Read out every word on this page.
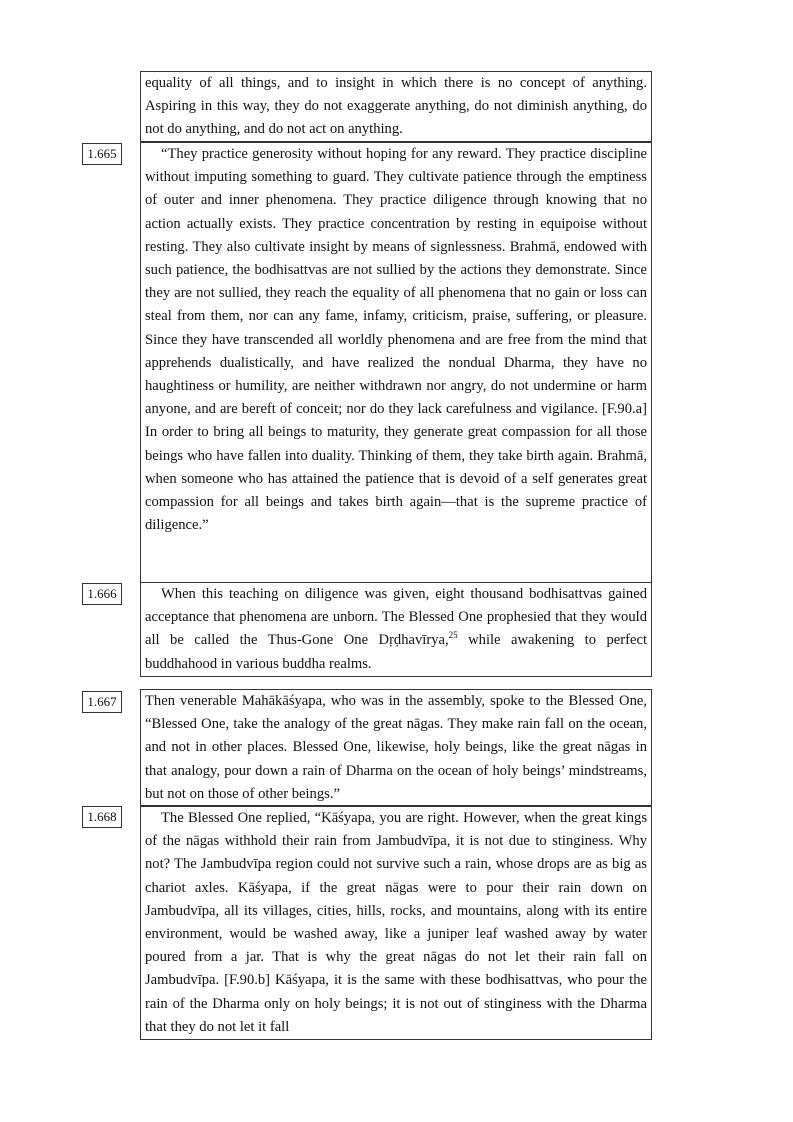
equality of all things, and to insight in which there is no concept of anything. Aspiring in this way, they do not exaggerate anything, do not diminish anything, do not do anything, and do not act on anything.

1.665	“They practice generosity without hoping for any reward. They practice discipline without imputing something to guard. They cultivate patience through the emptiness of outer and inner phenomena. They practice diligence through knowing that no action actually exists. They practice concentration by resting in equipoise without resting. They also cultivate insight by means of signlessness. Brahmā, endowed with such patience, the bodhisattvas are not sullied by the actions they demonstrate. Since they are not sullied, they reach the equality of all phenomena that no gain or loss can steal from them, nor can any fame, infamy, criticism, praise, suffering, or pleasure. Since they have transcended all worldly phenomena and are free from the mind that apprehends dualistically, and have realized the nondual Dharma, they have no haughtiness or humility, are neither withdrawn nor angry, do not undermine or harm anyone, and are bereft of conceit; nor do they lack carefulness and vigilance. [F.90.a] In order to bring all beings to maturity, they generate great compassion for all those beings who have fallen into duality. Thinking of them, they take birth again. Brahmā, when someone who has attained the patience that is devoid of a self generates great compassion for all beings and takes birth again—that is the supreme practice of diligence.”

1.666	When this teaching on diligence was given, eight thousand bodhisattvas gained acceptance that phenomena are unborn. The Blessed One prophesied that they would all be called the Thus-Gone One Dṛḍhavīrya,$^{25}$ while awakening to perfect buddhahood in various buddha realms.

1.667	Then venerable Mahākāśyapa, who was in the assembly, spoke to the Blessed One, “Blessed One, take the analogy of the great nāgas. They make rain fall on the ocean, and not in other places. Blessed One, likewise, holy beings, like the great nāgas in that analogy, pour down a rain of Dharma on the ocean of holy beings’ mindstreams, but not on those of other beings.”

1.668	The Blessed One replied, “Kāśyapa, you are right. However, when the great kings of the nāgas withhold their rain from Jambudvīpa, it is not due to stinginess. Why not? The Jambudvīpa region could not survive such a rain, whose drops are as big as chariot axles. Kāśyapa, if the great nāgas were to pour their rain down on Jambudvīpa, all its villages, cities, hills, rocks, and mountains, along with its entire environment, would be washed away, like a juniper leaf washed away by water poured from a jar. That is why the great nāgas do not let their rain fall on Jambudvīpa. [F.90.b] Kāśyapa, it is the same with these bodhisattvas, who pour the rain of the Dharma only on holy beings; it is not out of stinginess with the Dharma that they do not let it fall
